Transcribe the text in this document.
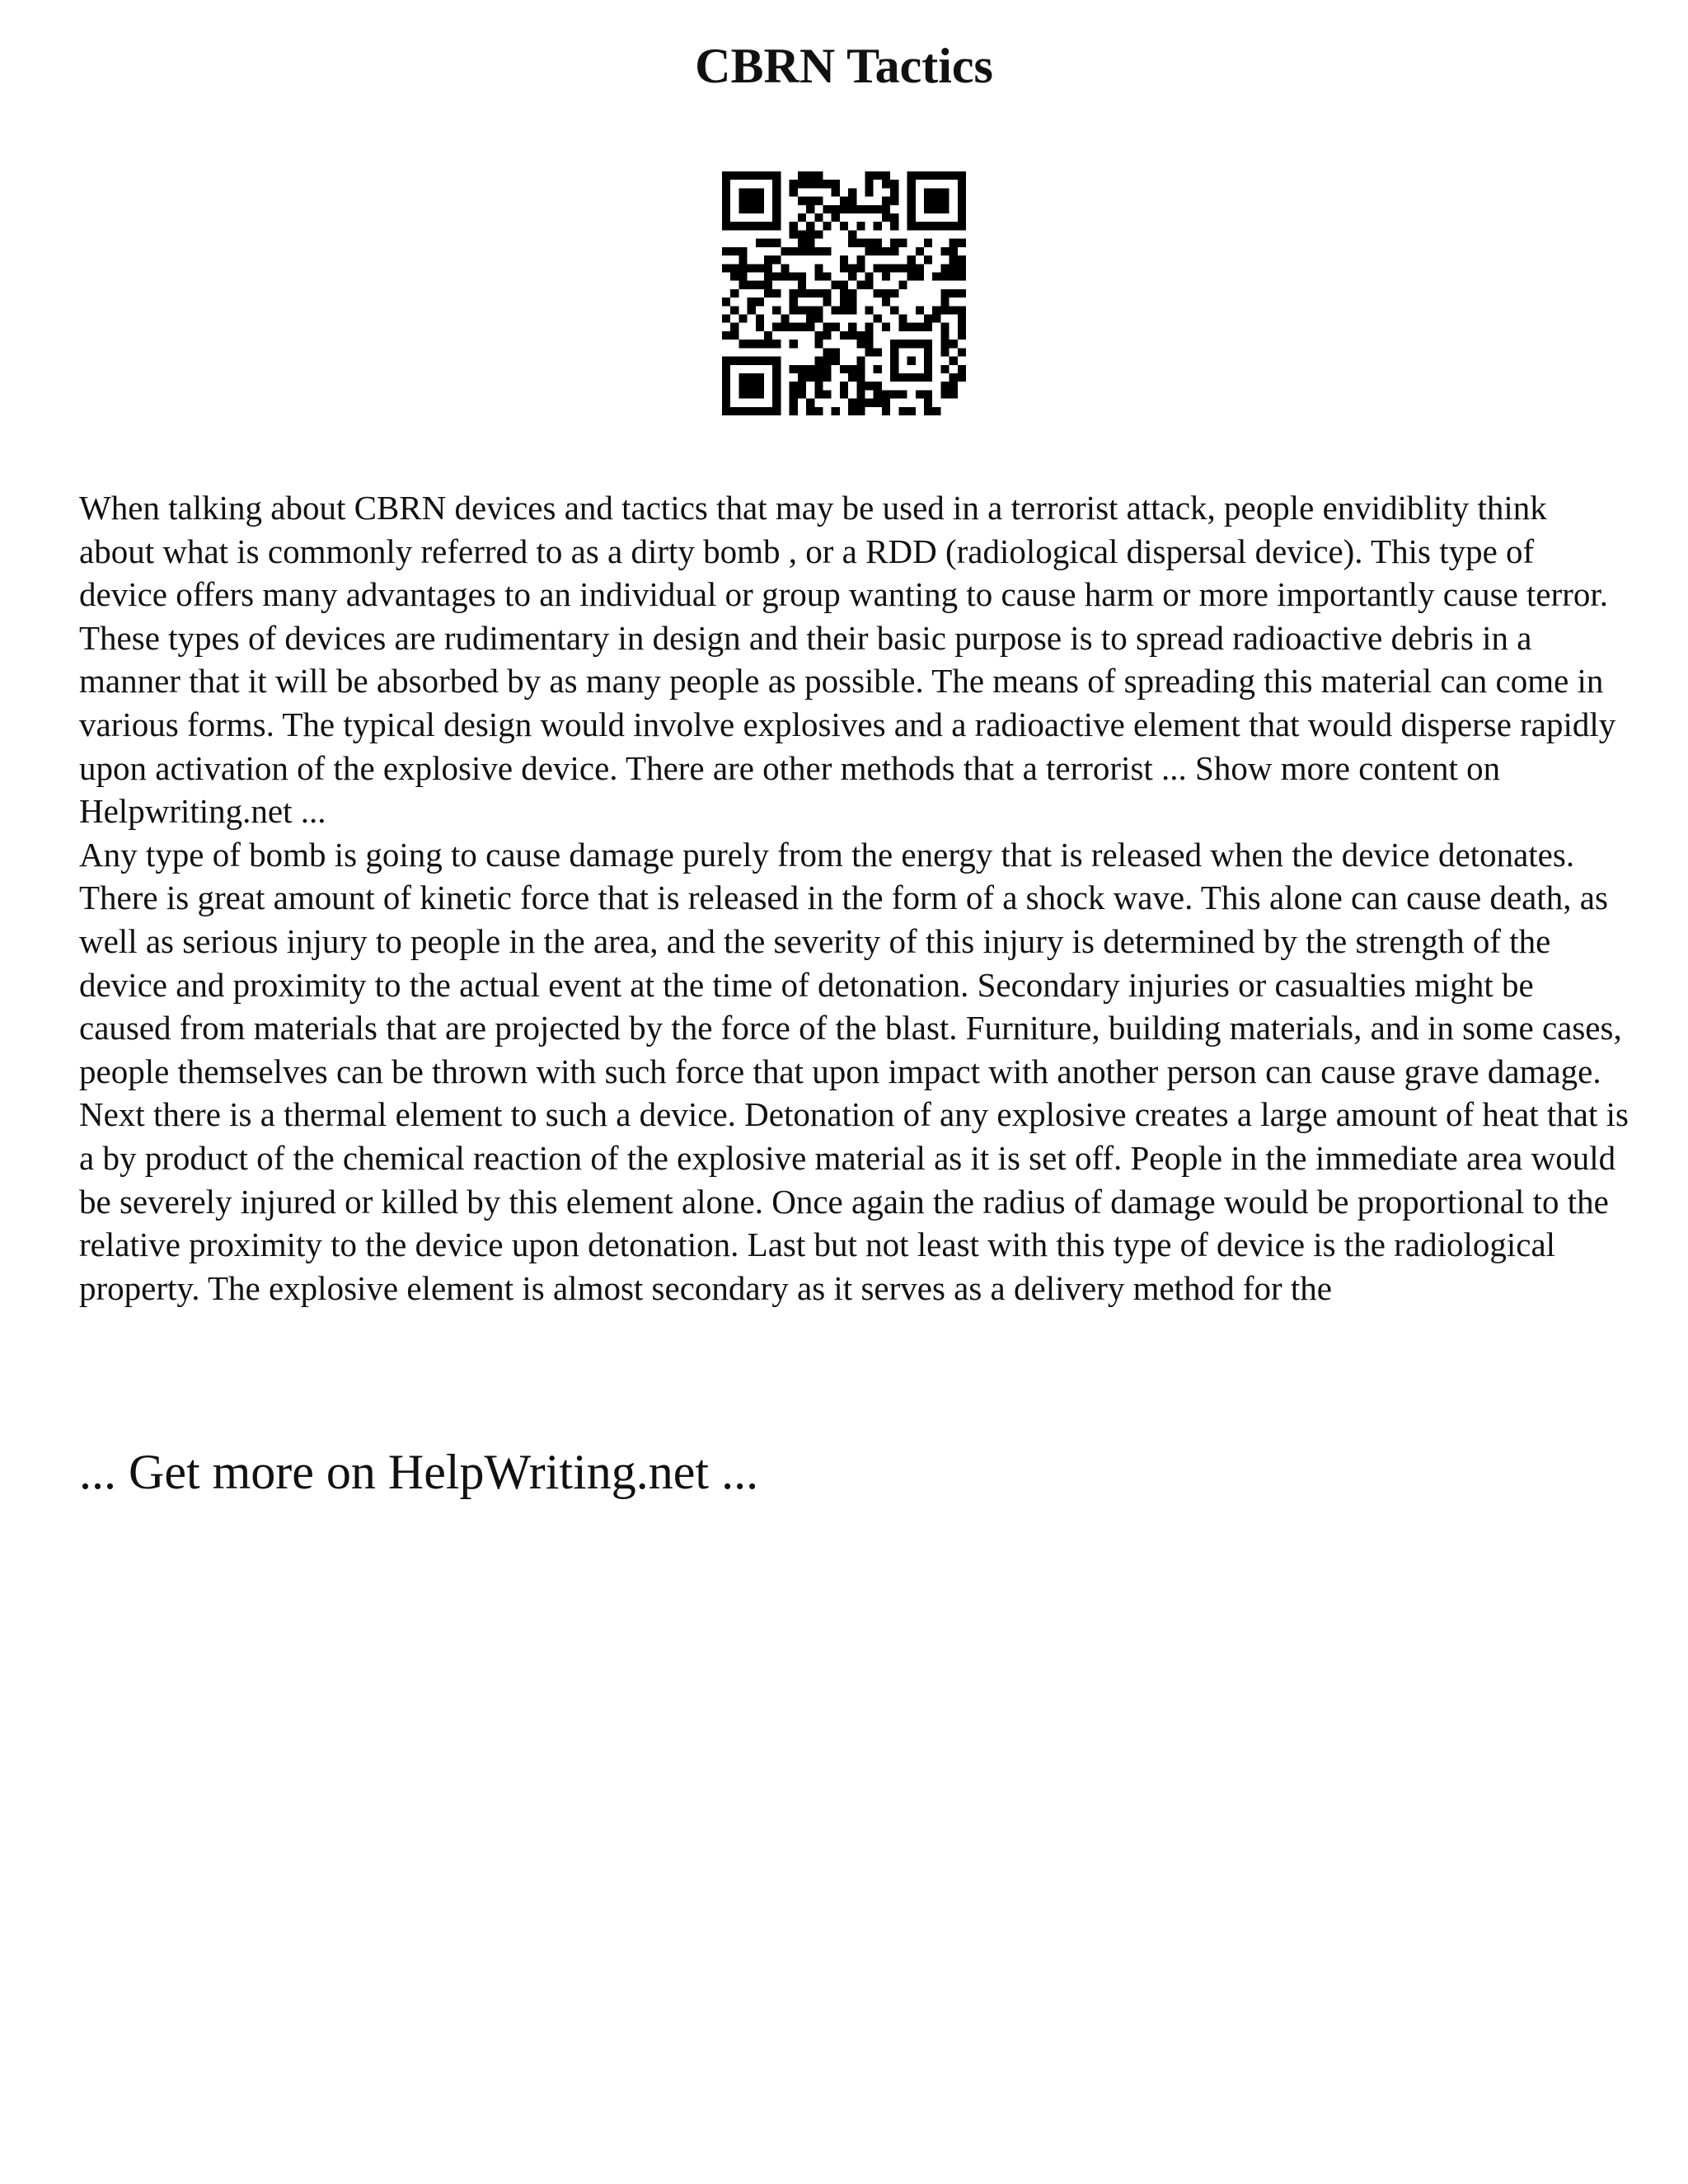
CBRN Tactics

When talking about CBRN devices and tactics that may be used in a terrorist attack, people envidiblity think about what is commonly referred to as a dirty bomb , or a RDD (radiological dispersal device). This type of device offers many advantages to an individual or group wanting to cause harm or more importantly cause terror. These types of devices are rudimentary in design and their basic purpose is to spread radioactive debris in a manner that it will be absorbed by as many people as possible. The means of spreading this material can come in various forms. The typical design would involve explosives and a radioactive element that would disperse rapidly upon activation of the explosive device. There are other methods that a terrorist ... Show more content on Helpwriting.net ...

Any type of bomb is going to cause damage purely from the energy that is released when the device detonates. There is great amount of kinetic force that is released in the form of a shock wave. This alone can cause death, as well as serious injury to people in the area, and the severity of this injury is determined by the strength of the device and proximity to the actual event at the time of detonation. Secondary injuries or casualties might be caused from materials that are projected by the force of the blast. Furniture, building materials, and in some cases, people themselves can be thrown with such force that upon impact with another person can cause grave damage. Next there is a thermal element to such a device. Detonation of any explosive creates a large amount of heat that is a by product of the chemical reaction of the explosive material as it is set off. People in the immediate area would be severely injured or killed by this element alone. Once again the radius of damage would be proportional to the relative proximity to the device upon detonation. Last but not least with this type of device is the radiological property. The explosive element is almost secondary as it serves as a delivery method for the

... Get more on HelpWriting.net ...
